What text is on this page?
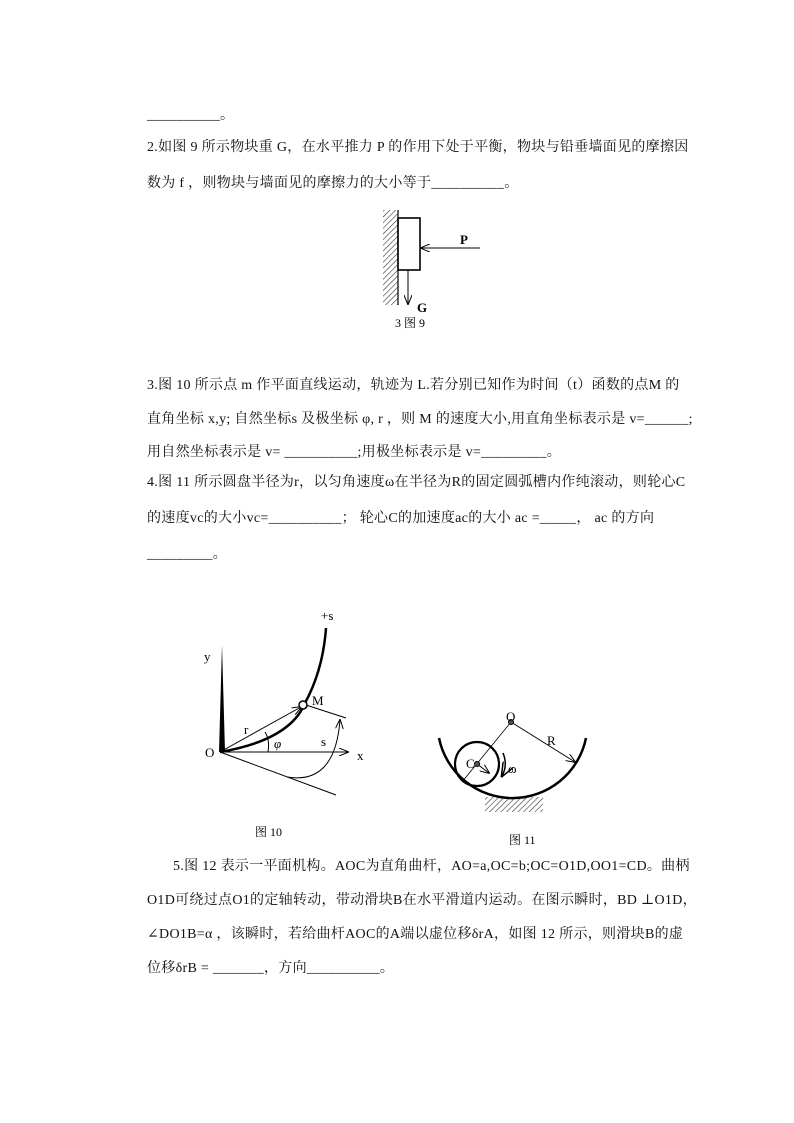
__________。
2.如图 9 所示物块重 G，在水平推力 P 的作用下处于平衡，物块与铅垂墙面见的摩擦因
数为 f ，则物块与墙面见的摩擦力的大小等于__________。
3.图 10 所示点 m 作平面直线运动，轨迹为 L.若分别已知作为时间（t）函数的点M 的
直角坐标 x,y; 自然坐标s 及极坐标 φ, r ，则 M 的速度大小,用直角坐标表示是 v=______;
用自然坐标表示是 v= __________;用极坐标表示是 v=_________。
4.图 11 所示圆盘半径为r，以匀角速度ω在半径为R的固定圆弧槽内作纯滚动，则轮心C
的速度vc的大小vc=__________； 轮心C的加速度ac的大小 ac =_____， ac 的方向
_________。
5.图 12 表示一平面机构。AOC为直角曲杆，AO=a,OC=b;OC=O1D,OO1=CD。曲柄
O1D可绕过点O1的定轴转动，带动滑块B在水平滑道内运动。在图示瞬时，BD ⊥O1D，
∠DO1B=α ，该瞬时，若给曲杆AOC的A端以虚位移δrA，如图 12 所示，则滑块B的虚
位移δrB = _______，方向__________。
P
G
+s
y
x
O
M
r
φ	s
图 10
O
C
R
ω
图 11
3 图 9
